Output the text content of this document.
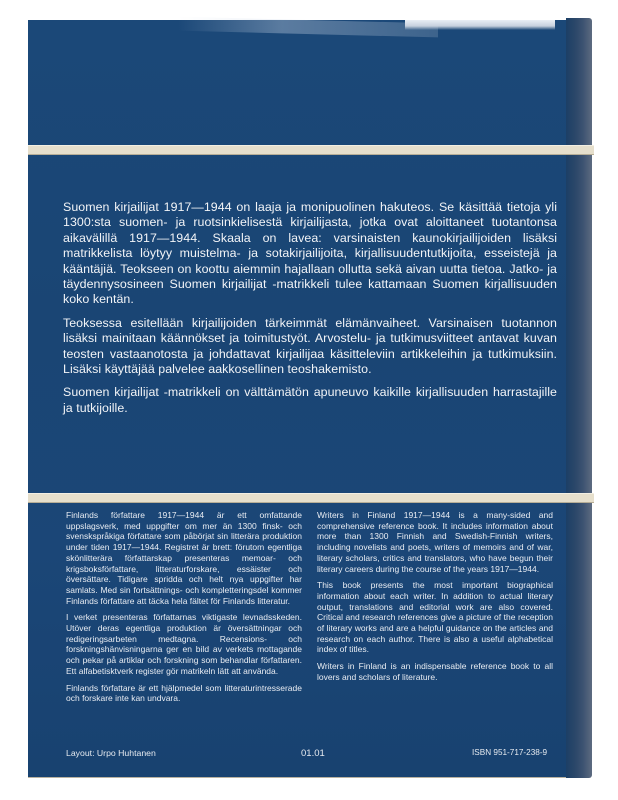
Suomen kirjailijat 1917—1944 on laaja ja monipuolinen hakuteos. Se käsittää tietoja yli 1300:sta suomen- ja ruotsinkielisestä kirjailijasta, jotka ovat aloittaneet tuotantonsa aikavälillä 1917—1944. Skaala on lavea: varsinaisten kaunokirjailijoiden lisäksi matrikkelista löytyy muistelma- ja sotakirjailijoita, kirjallisuudentutkijoita, esseistejä ja kääntäjiä. Teokseen on koottu aiemmin hajallaan ollutta sekä aivan uutta tietoa. Jatko- ja täydennysosineen Suomen kirjailijat -matrikkeli tulee kattamaan Suomen kirjallisuuden koko kentän.

Teoksessa esitellään kirjailijoiden tärkeimmät elämänvaiheet. Varsinaisen tuotannon lisäksi mainitaan käännökset ja toimitustyöt. Arvostelu- ja tutkimusviitteet antavat kuvan teosten vastaanotosta ja johdattavat kirjailijaa käsitteleviin artikkeleihin ja tutkimuksiin. Lisäksi käyttäjää palvelee aakkosellinen teoshakemisto.

Suomen kirjailijat -matrikkeli on välttämätön apuneuvo kaikille kirjallisuuden harrastajille ja tutkijoille.

Finlands författare 1917—1944 är ett omfattande uppslagsverk, med uppgifter om mer än 1300 finsk- och svenskspråkiga författare som påbörjat sin litterära produktion under tiden 1917—1944. Registret är brett: förutom egentliga skönlitterära författarskap presenteras memoar- och krigsboksförfattare, litteraturforskare, essäister och översättare. Tidigare spridda och helt nya uppgifter har samlats. Med sin fortsättnings- och kompletteringsdel kommer Finlands författare att täcka hela fältet för Finlands litteratur.

I verket presenteras författarnas viktigaste levnadsskeden. Utöver deras egentliga produktion är översättningar och redigeringsarbeten medtagna. Recensions- och forskningshänvisningarna ger en bild av verkets mottagande och pekar på artiklar och forskning som behandlar författaren. Ett alfabetisktverk register gör matrikeln lätt att använda.

Finlands författare är ett hjälpmedel som litteraturintresserade och forskare inte kan undvara.

Writers in Finland 1917—1944 is a many-sided and comprehensive reference book. It includes information about more than 1300 Finnish and Swedish-Finnish writers, including novelists and poets, writers of memoirs and of war, literary scholars, critics and translators, who have begun their literary careers during the course of the years 1917—1944.

This book presents the most important biographical information about each writer. In addition to actual literary output, translations and editorial work are also covered. Critical and research references give a picture of the reception of literary works and are a helpful guidance on the articles and research on each author. There is also a useful alphabetical index of titles.

Writers in Finland is an indispensable reference book to all lovers and scholars of literature.

Layout: Urpo Huhtanen	01.01	ISBN 951-717-238-9
